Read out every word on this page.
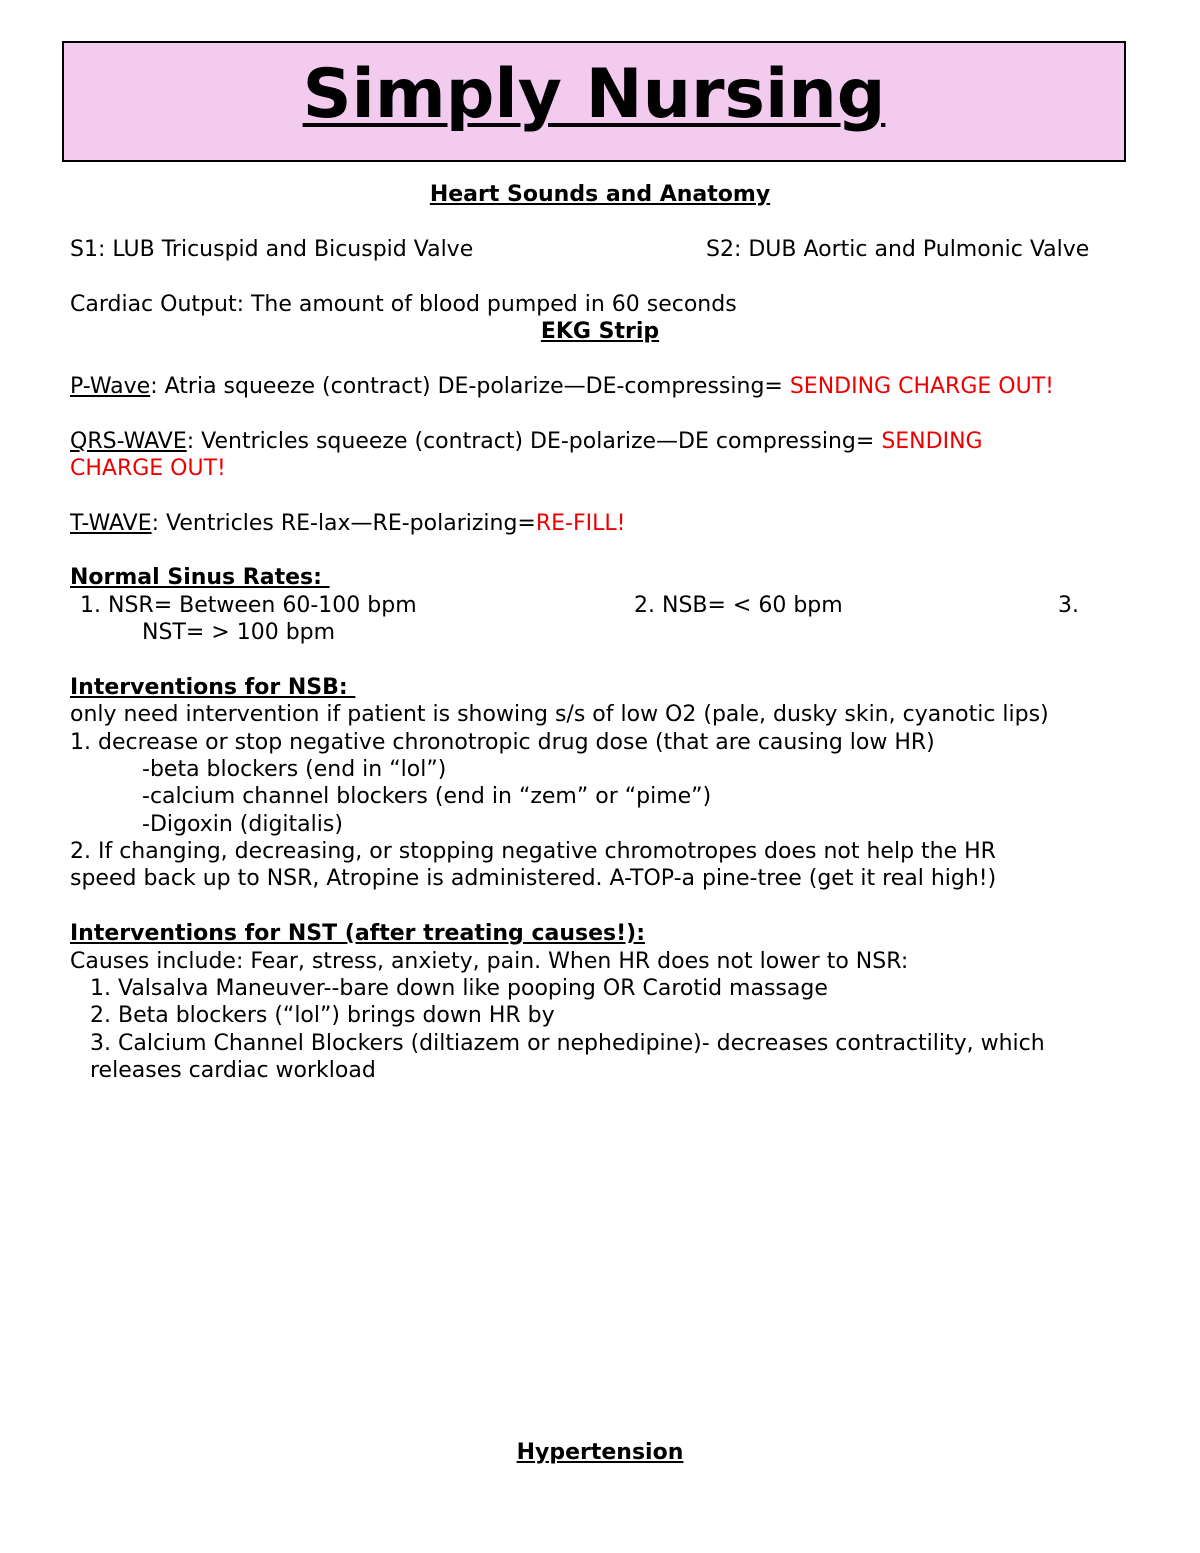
Simply Nursing
Heart Sounds and Anatomy
S1: LUB Tricuspid and Bicuspid Valve	S2: DUB Aortic and Pulmonic Valve
Cardiac Output: The amount of blood pumped in 60 seconds
EKG Strip
P-Wave: Atria squeeze (contract) DE-polarize—DE-compressing= SENDING CHARGE OUT!
QRS-WAVE: Ventricles squeeze (contract) DE-polarize—DE compressing= SENDING
CHARGE OUT!
T-WAVE: Ventricles RE-lax—RE-polarizing=RE-FILL!
Normal Sinus Rates:
1. NSR= Between 60-100 bpm	2. NSB= < 60 bpm	3.
NST= > 100 bpm
Interventions for NSB:
only need intervention if patient is showing s/s of low O2 (pale, dusky skin, cyanotic lips)
1. decrease or stop negative chronotropic drug dose (that are causing low HR)
-beta blockers (end in “lol”)
-calcium channel blockers (end in “zem” or “pime”)
-Digoxin (digitalis)
2. If changing, decreasing, or stopping negative chromotropes does not help the HR
speed back up to NSR, Atropine is administered. A-TOP-a pine-tree (get it real high!)
Interventions for NST (after treating causes!):
Causes include: Fear, stress, anxiety, pain. When HR does not lower to NSR:
1. Valsalva Maneuver--bare down like pooping OR Carotid massage
2. Beta blockers (“lol”) brings down HR by
3. Calcium Channel Blockers (diltiazem or nephedipine)- decreases contractility, which
releases cardiac workload
Hypertension
